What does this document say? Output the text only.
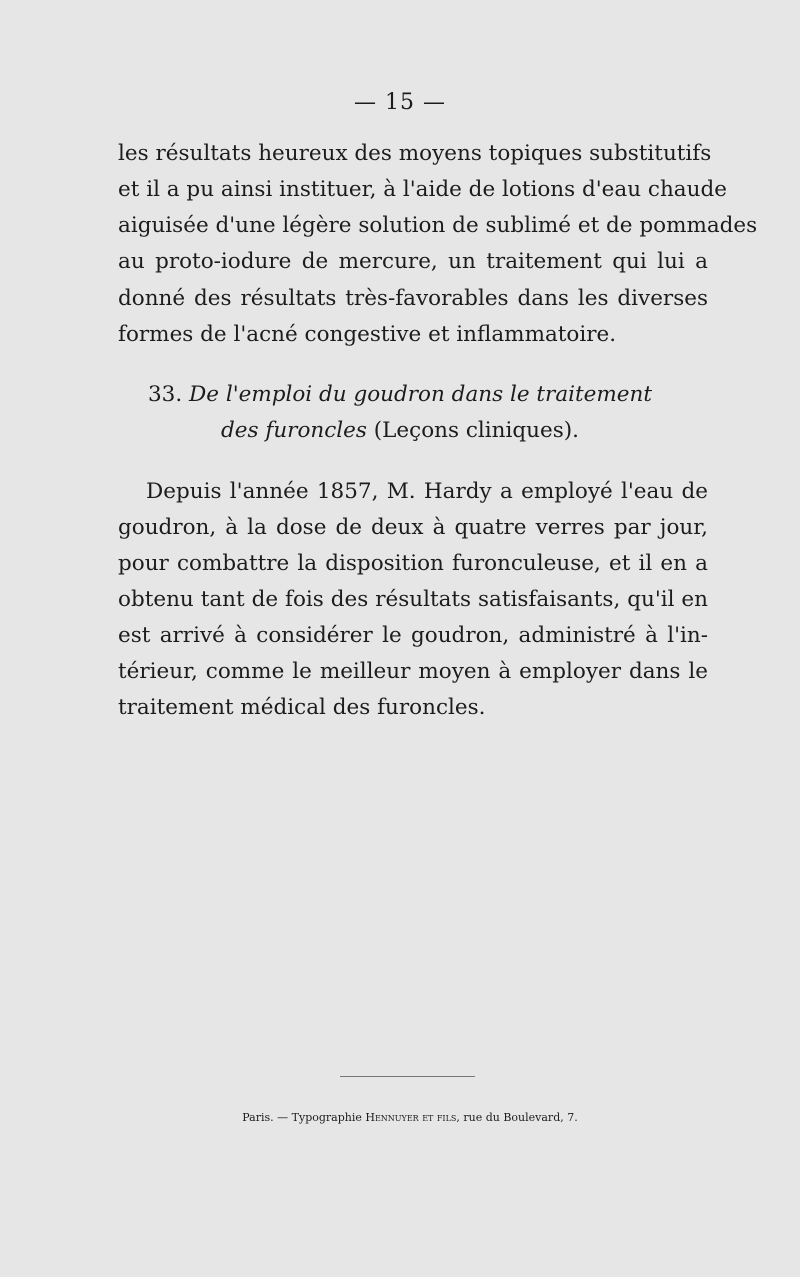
— 15 —
les résultats heureux des moyens topiques substitutifs
et il a pu ainsi instituer, à l'aide de lotions d'eau chaude
aiguisée d'une légère solution de sublimé et de pommades
au proto-iodure de mercure, un traitement qui lui a
donné des résultats très-favorables dans les diverses
formes de l'acné congestive et inflammatoire.
33. De l'emploi du goudron dans le traitement
des furoncles (Leçons cliniques).
Depuis l'année 1857, M. Hardy a employé l'eau de
goudron, à la dose de deux à quatre verres par jour,
pour combattre la disposition furonculeuse, et il en a
obtenu tant de fois des résultats satisfaisants, qu'il en
est arrivé à considérer le goudron, administré à l'in-
térieur, comme le meilleur moyen à employer dans le
traitement médical des furoncles.
Paris. — Typographie Hennuyer et fils, rue du Boulevard, 7.
